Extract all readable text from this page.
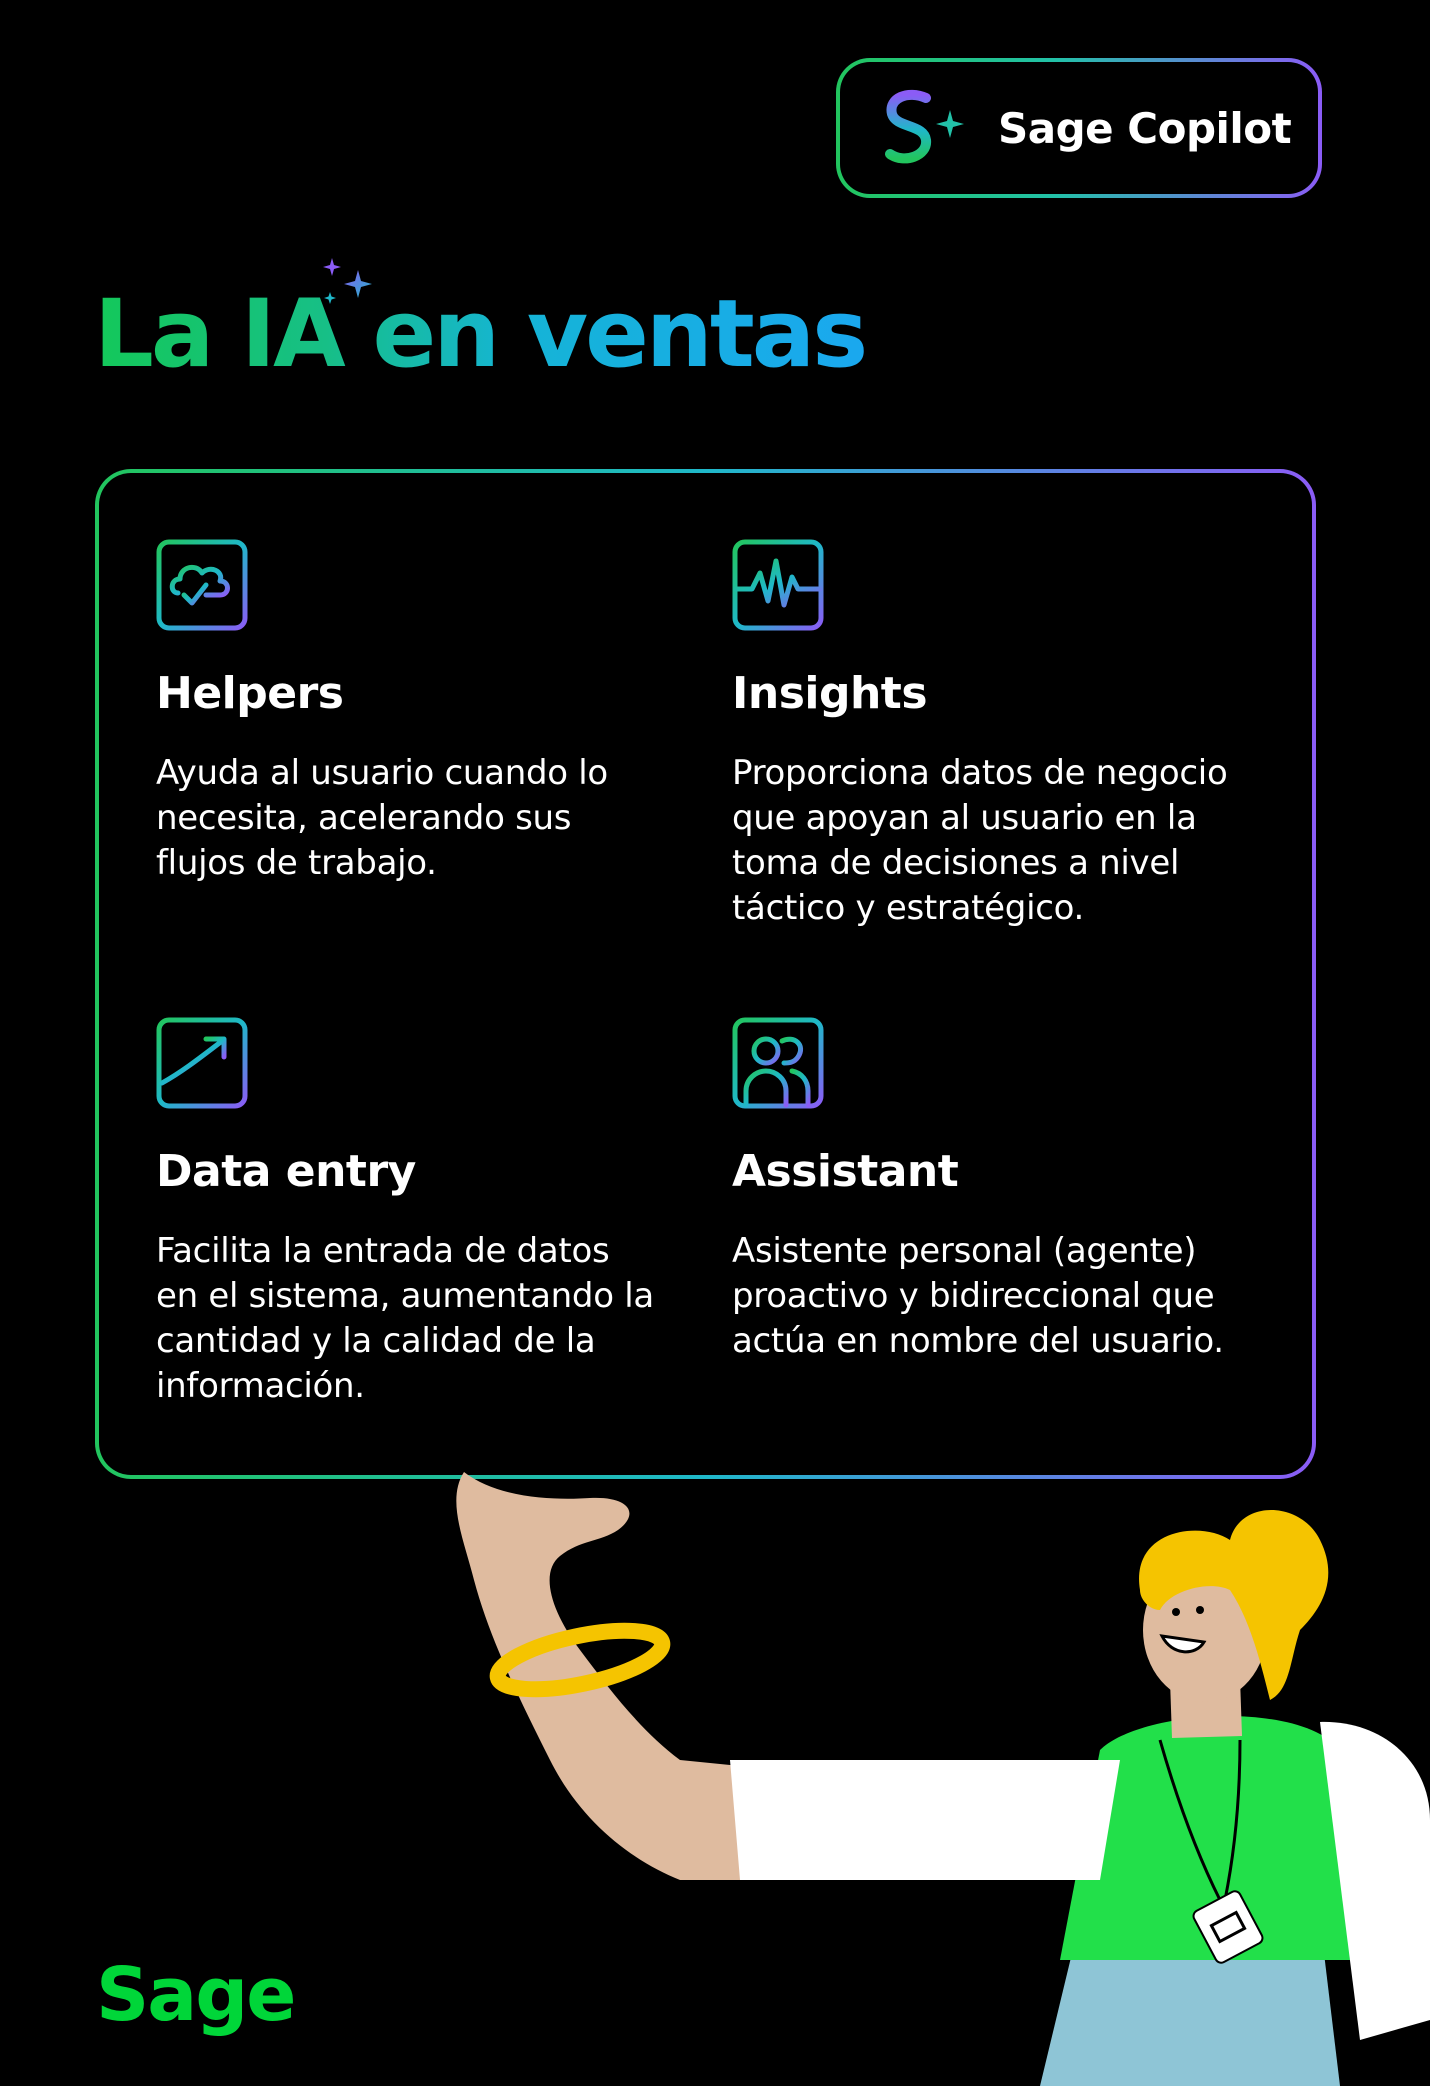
Sage Copilot
La IA en ventas
Helpers

Ayuda al usuario cuando lo necesita, acelerando sus flujos de trabajo.

Insights

Proporciona datos de negocio que apoyan al usuario en la toma de decisiones a nivel táctico y estratégico.

Data entry

Facilita la entrada de datos en el sistema, aumentando la cantidad y la calidad de la información.

Assistant

Asistente personal (agente) proactivo y bidireccional que actúa en nombre del usuario.

Sage
